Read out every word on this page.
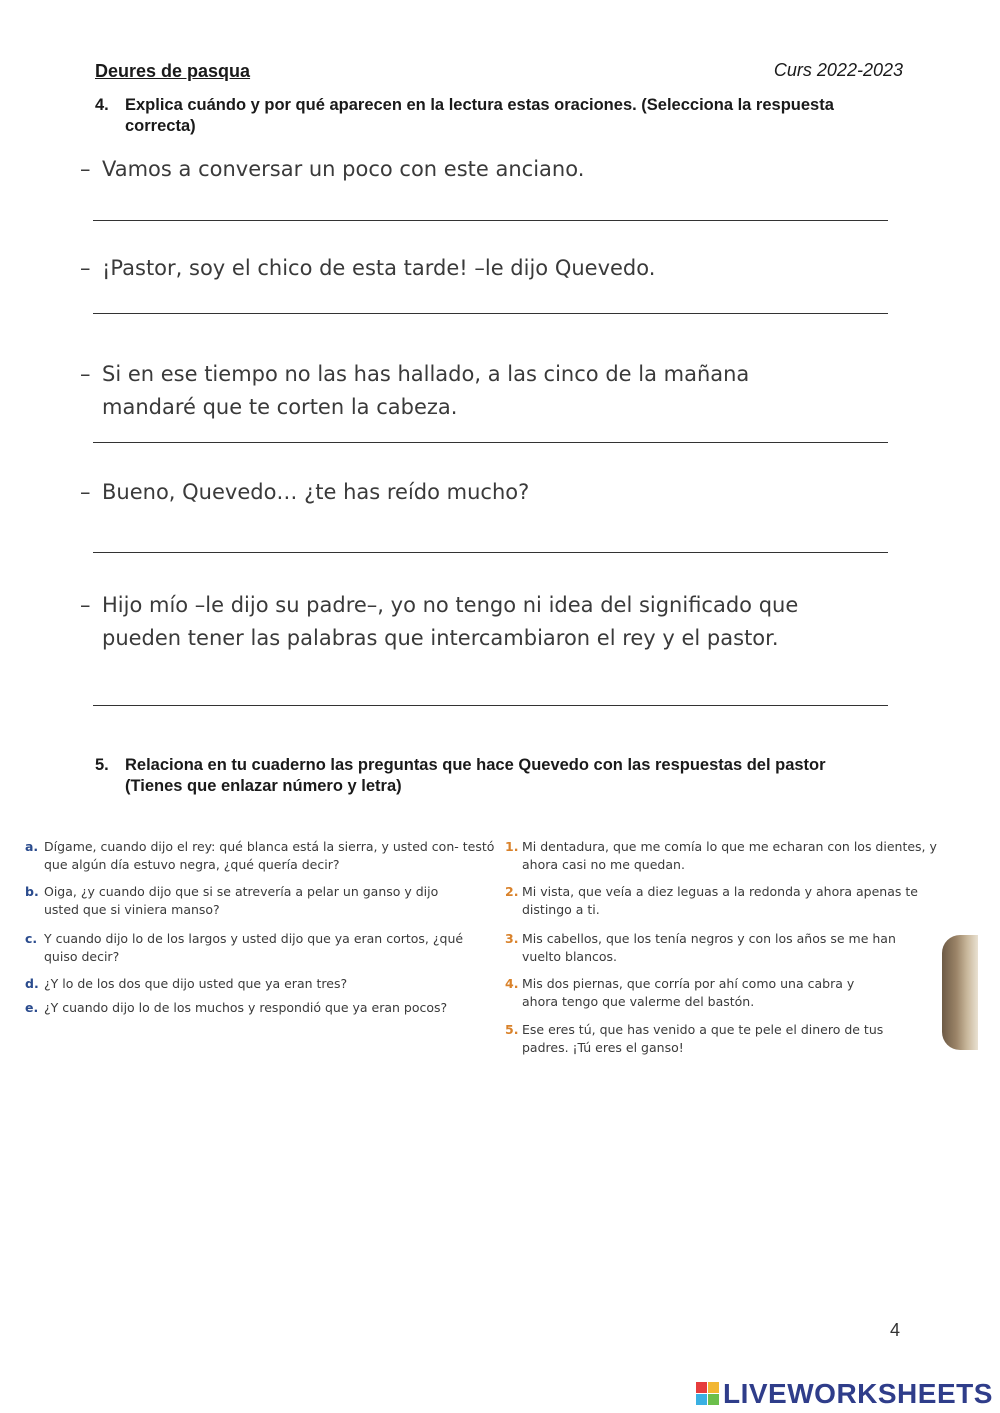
Deures de pasqua	Curs 2022-2023
4. Explica cuándo y por qué aparecen en la lectura estas oraciones. (Selecciona la respuesta correcta)
– Vamos a conversar un poco con este anciano.
– ¡Pastor, soy el chico de esta tarde! –le dijo Quevedo.
– Si en ese tiempo no las has hallado, a las cinco de la mañana mandaré que te corten la cabeza.
– Bueno, Quevedo… ¿te has reído mucho?
– Hijo mío –le dijo su padre–, yo no tengo ni idea del significado que pueden tener las palabras que intercambiaron el rey y el pastor.
5. Relaciona en tu cuaderno las preguntas que hace Quevedo con las respuestas del pastor (Tienes que enlazar número y letra)
a. Dígame, cuando dijo el rey: qué blanca está la sierra, y usted con- testó que algún día estuvo negra, ¿qué quería decir?
b. Oiga, ¿y cuando dijo que si se atrevería a pelar un ganso y dijo usted que si viniera manso?
c. Y cuando dijo lo de los largos y usted dijo que ya eran cortos, ¿qué quiso decir?
d. ¿Y lo de los dos que dijo usted que ya eran tres?
e. ¿Y cuando dijo lo de los muchos y respondió que ya eran pocos?
1. Mi dentadura, que me comía lo que me echaran con los dientes, y ahora casi no me quedan.
2. Mi vista, que veía a diez leguas a la redonda y ahora apenas te distingo a ti.
3. Mis cabellos, que los tenía negros y con los años se me han vuelto blancos.
4. Mis dos piernas, que corría por ahí como una cabra y ahora tengo que valerme del bastón.
5. Ese eres tú, que has venido a que te pele el dinero de tus padres. ¡Tú eres el ganso!
4
LIVEWORKSHEETS
